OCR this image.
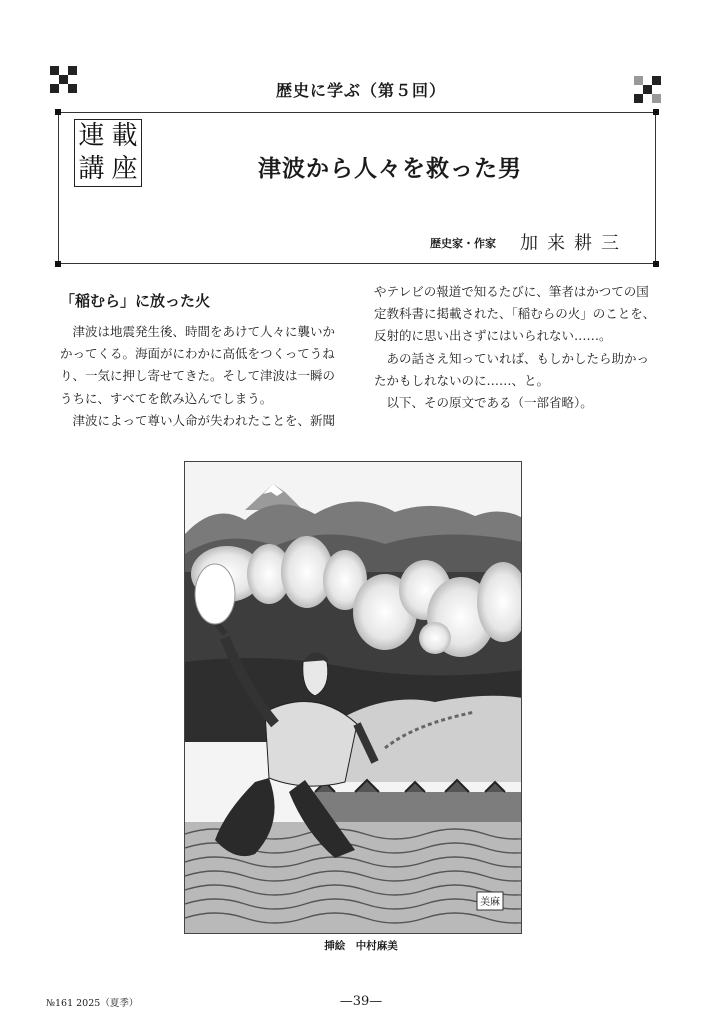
歴史に学ぶ（第５回）
連 載
講 座	津波から人々を救った男
歴史家・作家 加来耕三
「稲むら」に放った火

津波は地震発生後、時間をあけて人々に襲いか

かってくる。海面がにわかに高低をつくってうね

り、一気に押し寄せてきた。そして津波は一瞬の

うちに、すべてを飲み込んでしまう。

津波によって尊い人命が失われたことを、新聞

やテレビの報道で知るたびに、筆者はかつての国

定教科書に掲載された、「稲むらの火」のことを、

反射的に思い出さずにはいられない……。

あの話さえ知っていれば、もしかしたら助かっ

たかもしれないのに……、と。

以下、その原文である（一部省略）。

美麻
挿絵　中村麻美
№161 2025（夏季）	—39—
